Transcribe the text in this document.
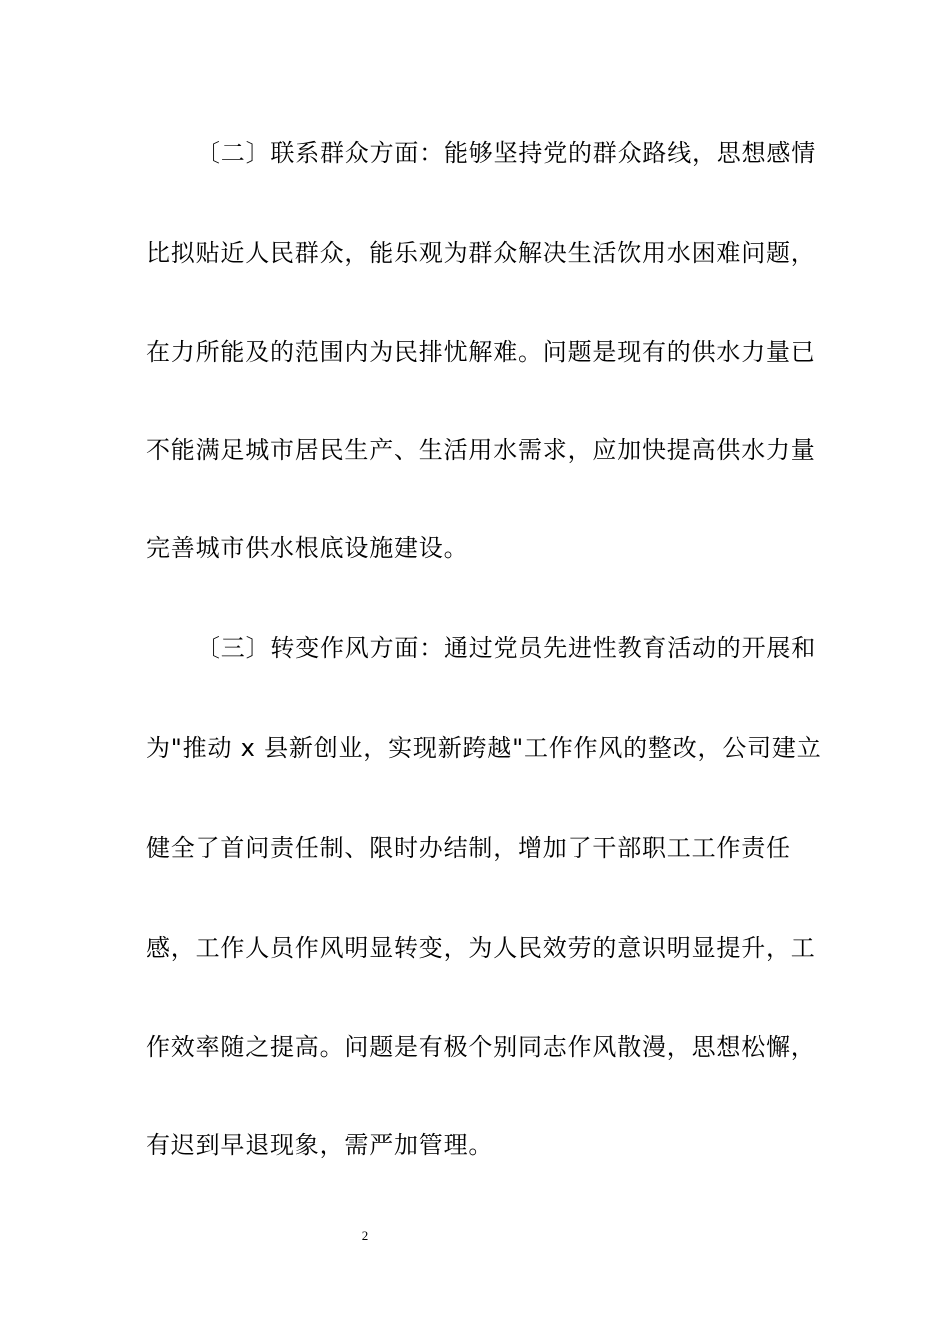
〔二〕联系群众方面：能够坚持党的群众路线，思想感情
比拟贴近人民群众，能乐观为群众解决生活饮用水困难问题，
在力所能及的范围内为民排忧解难。问题是现有的供水力量已
不能满足城市居民生产、生活用水需求，应加快提高供水力量
完善城市供水根底设施建设。
〔三〕转变作风方面：通过党员先进性教育活动的开展和
为"推动 x 县新创业，实现新跨越"工作作风的整改，公司建立
健全了首问责任制、限时办结制，增加了干部职工工作责任
感，工作人员作风明显转变，为人民效劳的意识明显提升，工
作效率随之提高。问题是有极个别同志作风散漫，思想松懈，
有迟到早退现象，需严加管理。
2
